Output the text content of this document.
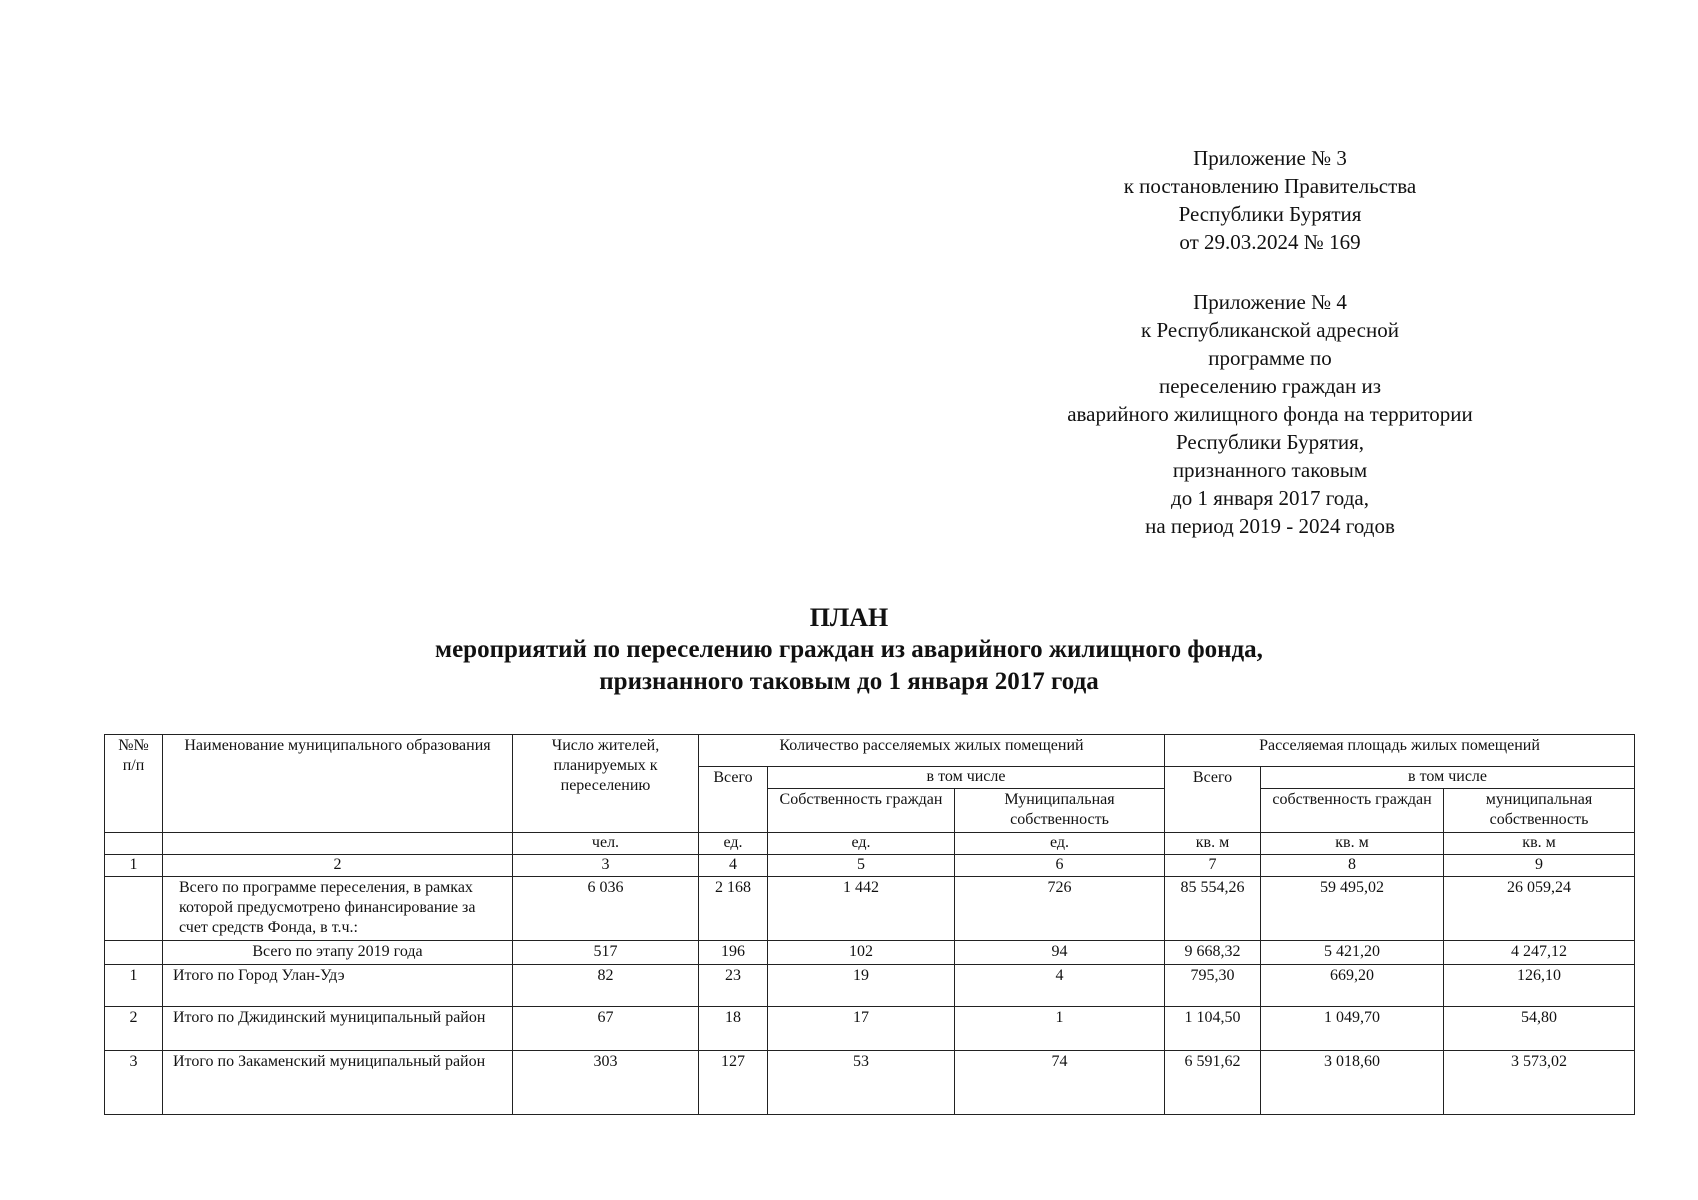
Приложение № 3
к постановлению Правительства
Республики Бурятия
от 29.03.2024 № 169
Приложение № 4
к Республиканской адресной
программе по
переселению граждан из
аварийного жилищного фонда на территории
Республики Бурятия,
признанного таковым
до 1 января 2017 года,
на период 2019 - 2024 годов
ПЛАН
мероприятий по переселению граждан из аварийного жилищного фонда,
признанного таковым до 1 января 2017 года
№№ п/п	Наименование муниципального образования	Число жителей, планируемых к переселению	Количество расселяемых жилых помещений			Расселяемая площадь жилых помещений		
			Всего	в том числе		Всего	в том числе	
				Собственность граждан	Муниципальная собственность		собственность граждан	муниципальная собственность
		чел.	ед.	ед.	ед.	кв. м	кв. м	кв. м
1	2	3	4	5	6	7	8	9
	Всего по программе переселения, в рамках которой предусмотрено финансирование за счет средств Фонда, в т.ч.:	6 036	2 168	1 442	726	85 554,26	59 495,02	26 059,24
	Всего по этапу 2019 года	517	196	102	94	9 668,32	5 421,20	4 247,12
1	Итого по Город Улан-Удэ	82	23	19	4	795,30	669,20	126,10
2	Итого по Джидинский муниципальный район	67	18	17	1	1 104,50	1 049,70	54,80
3	Итого по Закаменский муниципальный район	303	127	53	74	6 591,62	3 018,60	3 573,02
